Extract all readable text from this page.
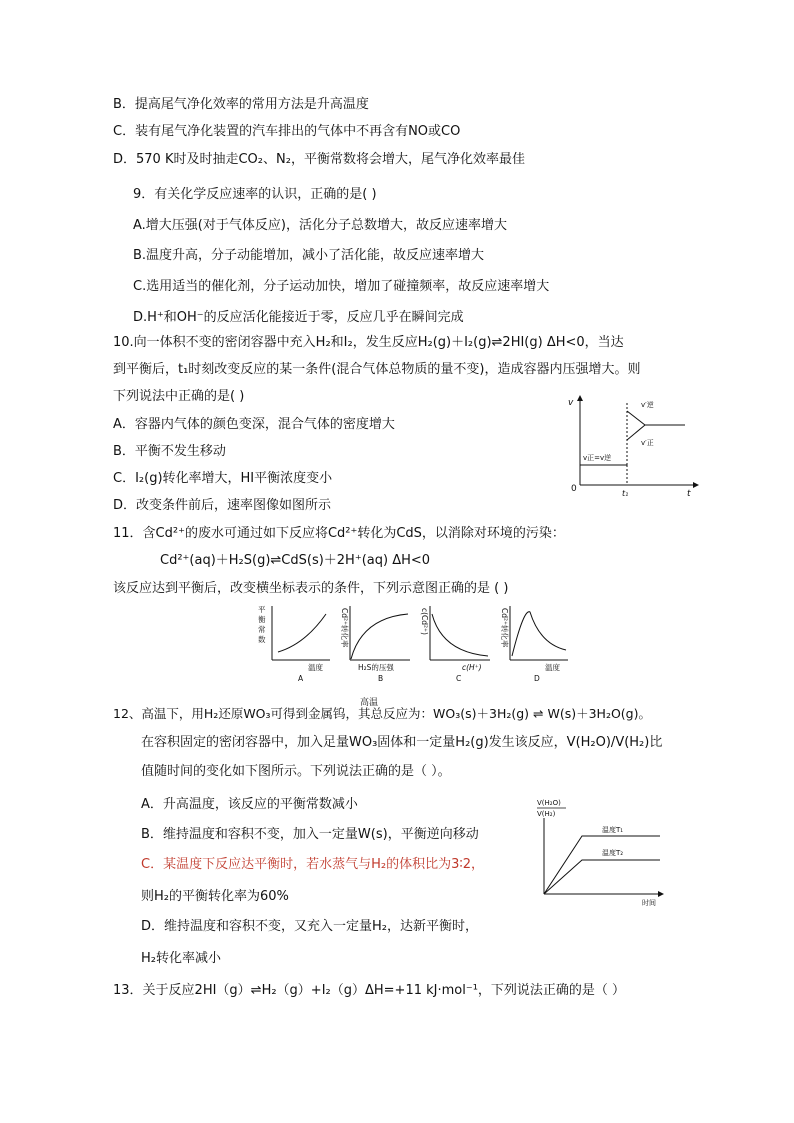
B．提高尾气净化效率的常用方法是升高温度
C．装有尾气净化装置的汽车排出的气体中不再含有NO或CO
D．570 K时及时抽走CO₂、N₂，平衡常数将会增大，尾气净化效率最佳
9．有关化学反应速率的认识，正确的是( )
A.增大压强(对于气体反应)，活化分子总数增大，故反应速率增大
B.温度升高，分子动能增加，减小了活化能，故反应速率增大
C.选用适当的催化剂，分子运动加快，增加了碰撞频率，故反应速率增大
D.H⁺和OH⁻的反应活化能接近于零，反应几乎在瞬间完成
10.向一体积不变的密闭容器中充入H₂和I₂，发生反应H₂(g)＋I₂(g)⇌2HI(g) ΔH<0，当达
到平衡后，t₁时刻改变反应的某一条件(混合气体总物质的量不变)，造成容器内压强增大。则
下列说法中正确的是( )
A．容器内气体的颜色变深，混合气体的密度增大
B．平衡不发生移动
C．I₂(g)转化率增大，HI平衡浓度变小
D．改变条件前后，速率图像如图所示
11．含Cd²⁺的废水可通过如下反应将Cd²⁺转化为CdS，以消除对环境的污染：
Cd²⁺(aq)＋H₂S(g)⇌CdS(s)＋2H⁺(aq) ΔH<0
该反应达到平衡后，改变横坐标表示的条件，下列示意图正确的是 ( )
12、高温下，用H₂还原WO₃可得到金属钨，其总反应为：WO₃(s)＋3H₂(g) ⇌ W(s)＋3H₂O(g)。
高温
在容积固定的密闭容器中，加入足量WO₃固体和一定量H₂(g)发生该反应，V(H₂O)/V(H₂)比
值随时间的变化如下图所示。下列说法正确的是（ ）。
A．升高温度，该反应的平衡常数减小
B．维持温度和容积不变，加入一定量W(s)，平衡逆向移动
C．某温度下反应达平衡时，若水蒸气与H₂的体积比为3∶2，
则H₂的平衡转化率为60%
D．维持温度和容积不变，又充入一定量H₂，达新平衡时，
H₂转化率减小
13．关于反应2HI（g）⇌H₂（g）+I₂（g）ΔH=+11 kJ·mol⁻¹，下列说法正确的是（ ）
v
t
0
v正=v逆
t₁
v′逆
v′正
平
衡
常
数
温度
A
Cd²⁺转化率
H₂S的压强
B
c(Cd²⁺)
c(H⁺)
C
Cd²⁺转化率
温度
D
V(H₂O)
V(H₂)
温度T₁
温度T₂
时间
